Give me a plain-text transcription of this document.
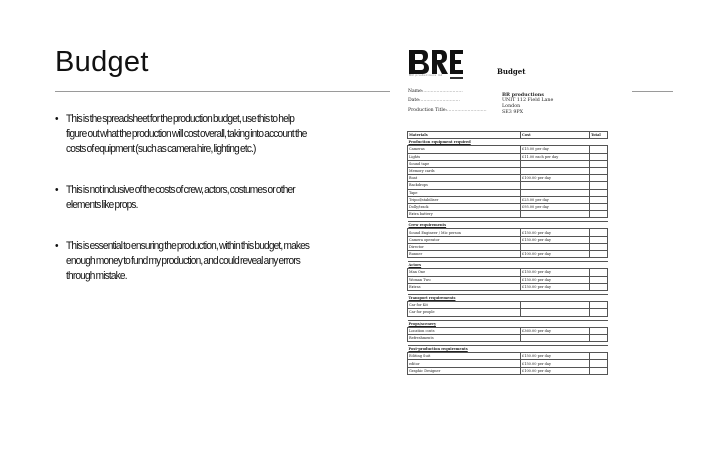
Budget
• This is the spreadsheet for the production budget, use this to help figure out what the production will cost overall, taking into account the costs of equipment (such as camera hire, lighting etc.)
• This is not inclusive of the costs of crew, actors, costumes or other elements like props.
• This is essential to ensuring the production, within this budget, makes enough money to fund my production, and could reveal any errors through mistake.
BR productions ltd	Budget
Name:...........................
Date:...........................
Production Title:...........................
BR productions
UNIT 112 Field Lane
London
SE3 9PX
Materials	Cost	Total
Production equipment required		
Cameras	£15.00 per day	
Lights	£11.00 each per day	
Sound tape		
Memory cards		
Boat	£100.00 per day	
Backdrops		
Tape		
Tripod/stabiliser	£25.00 per day	
Dolly/track	£95.00 per day	
Extra battery		

Crew requirements		
Sound Engineer / Mic person	£150.00 per day	
Camera operator	£150.00 per day	
Director		
Runner	£100.00 per day	

Actors		
Man One	£150.00 per day	
Woman Two	£150.00 per day	
Extras	£150.00 per day	

Transport requirements		
Car for Kit		
Car for people		

Props/scenery		
Location costs	£360.00 per day	
Refreshments		

Post-production requirements		
Editing Suit	£150.00 per day	
editor	£150.00 per day	
Graphic Designer	£100.00 per day	
